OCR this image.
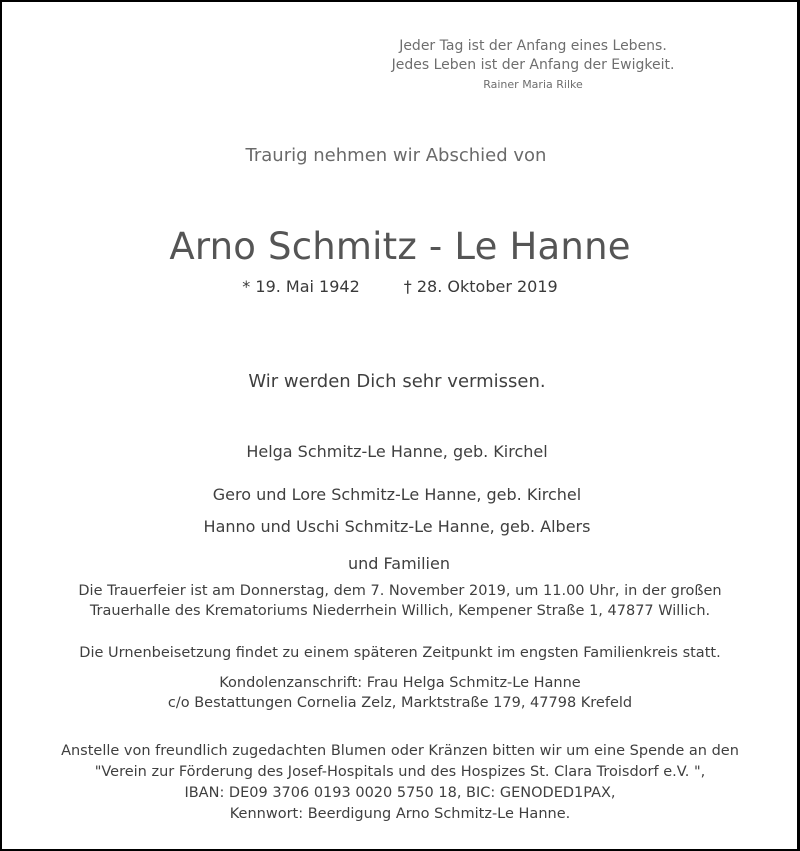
Jeder Tag ist der Anfang eines Lebens.
Jedes Leben ist der Anfang der Ewigkeit.
Rainer Maria Rilke
Traurig nehmen wir Abschied von
Arno Schmitz - Le Hanne
* 19. Mai 1942	† 28. Oktober 2019
Wir werden Dich sehr vermissen.
Helga Schmitz-Le Hanne, geb. Kirchel
Gero und Lore Schmitz-Le Hanne, geb. Kirchel
Hanno und Uschi Schmitz-Le Hanne, geb. Albers
und Familien
Die Trauerfeier ist am Donnerstag, dem 7. November 2019, um 11.00 Uhr, in der großen
Trauerhalle des Krematoriums Niederrhein Willich, Kempener Straße 1, 47877 Willich.
Die Urnenbeisetzung findet zu einem späteren Zeitpunkt im engsten Familienkreis statt.
Kondolenzanschrift: Frau Helga Schmitz-Le Hanne
c/o Bestattungen Cornelia Zelz, Marktstraße 179, 47798 Krefeld
Anstelle von freundlich zugedachten Blumen oder Kränzen bitten wir um eine Spende an den
"Verein zur Förderung des Josef-Hospitals und des Hospizes St. Clara Troisdorf e.V. ",
IBAN: DE09 3706 0193 0020 5750 18, BIC: GENODED1PAX,
Kennwort: Beerdigung Arno Schmitz-Le Hanne.
